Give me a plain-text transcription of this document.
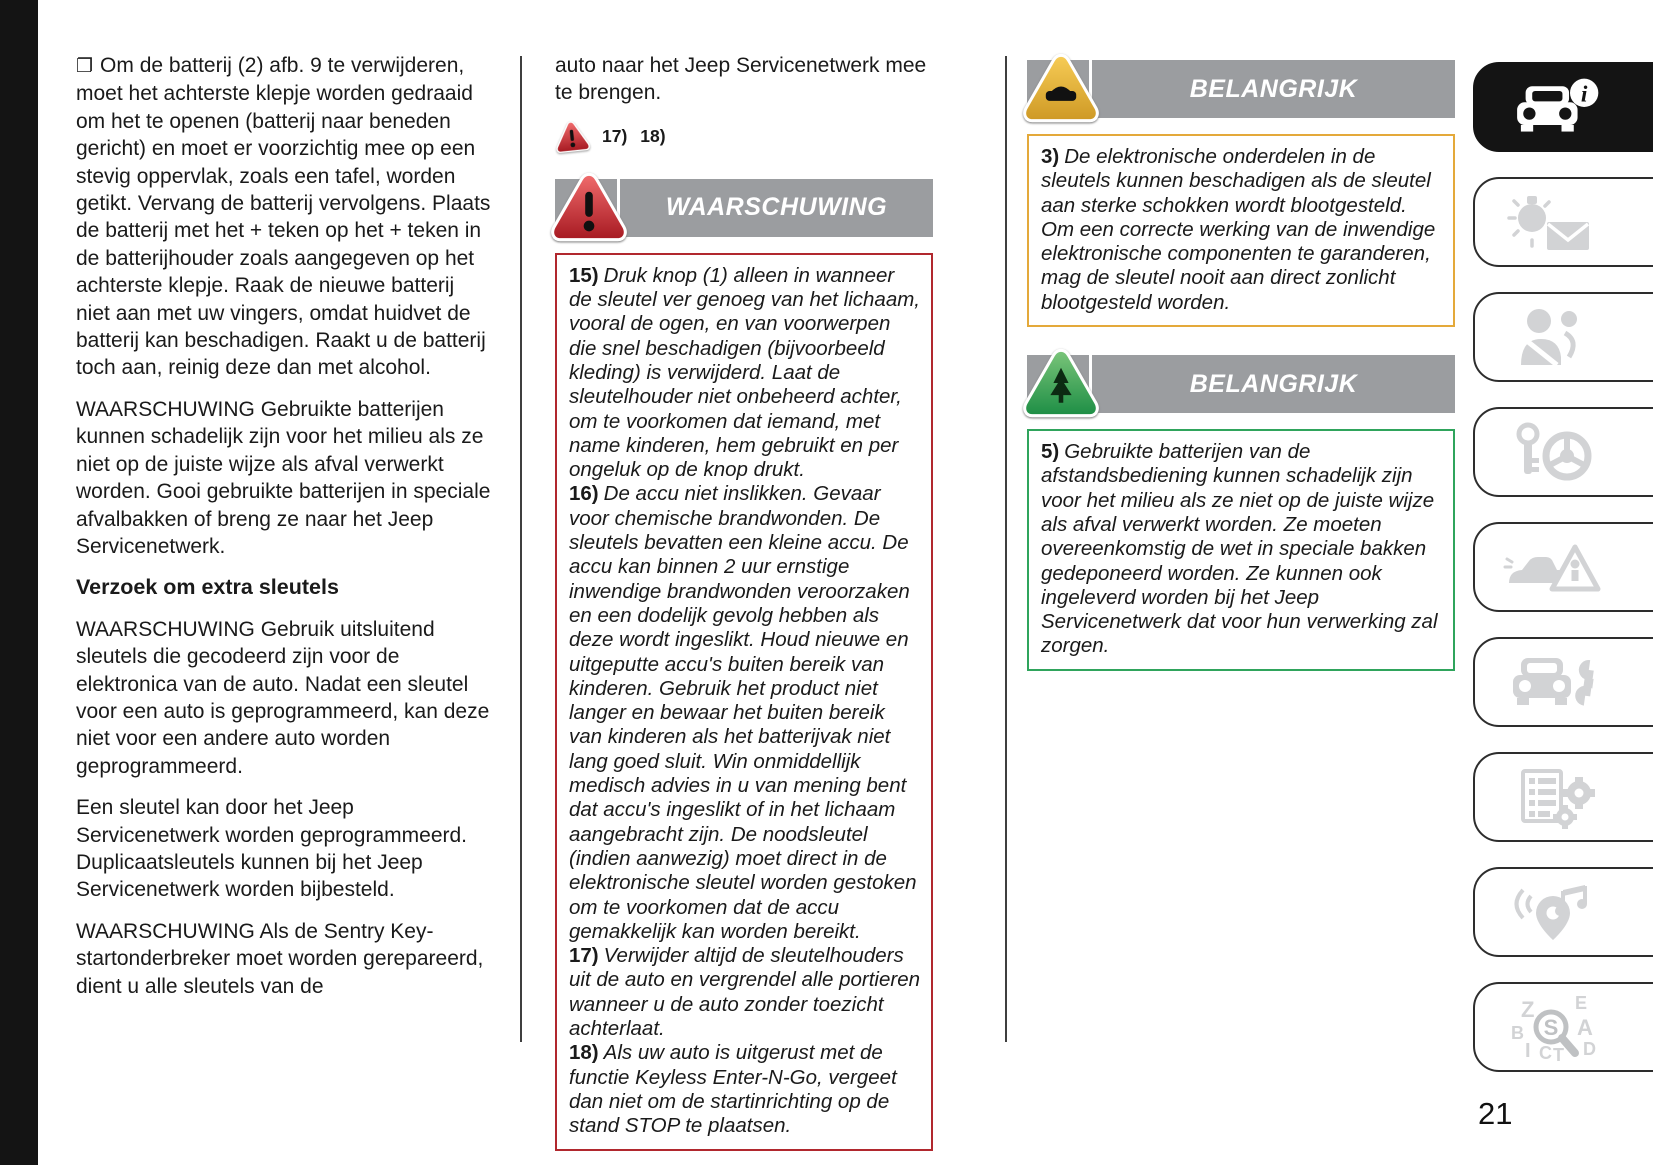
❐ Om de batterij (2) afb. 9 te verwijderen, moet het achterste klepje worden gedraaid om het te openen (batterij naar beneden gericht) en moet er voorzichtig mee op een stevig oppervlak, zoals een tafel, worden getikt. Vervang de batterij vervolgens. Plaats de batterij met het + teken op het + teken in de batterijhouder zoals aangegeven op het achterste klepje. Raak de nieuwe batterij niet aan met uw vingers, omdat huidvet de batterij kan beschadigen. Raakt u de batterij toch aan, reinig deze dan met alcohol.

WAARSCHUWING Gebruikte batterijen kunnen schadelijk zijn voor het milieu als ze niet op de juiste wijze als afval verwerkt worden. Gooi gebruikte batterijen in speciale afvalbakken of breng ze naar het Jeep Servicenetwerk.

Verzoek om extra sleutels

WAARSCHUWING Gebruik uitsluitend sleutels die gecodeerd zijn voor de elektronica van de auto. Nadat een sleutel voor een auto is geprogrammeerd, kan deze niet voor een andere auto worden geprogrammeerd.

Een sleutel kan door het Jeep Servicenetwerk worden geprogrammeerd. Duplicaatsleutels kunnen bij het Jeep Servicenetwerk worden bijbesteld.

WAARSCHUWING Als de Sentry Key-startonderbreker moet worden gerepareerd, dient u alle sleutels van de

auto naar het Jeep Servicenetwerk mee te brengen.

17) 18)
WAARSCHUWING

15) Druk knop (1) alleen in wanneer de sleutel ver genoeg van het lichaam, vooral de ogen, en van voorwerpen die snel beschadigen (bijvoorbeeld kleding) is verwijderd. Laat de sleutelhouder niet onbeheerd achter, om te voorkomen dat iemand, met name kinderen, hem gebruikt en per ongeluk op de knop drukt.

16) De accu niet inslikken. Gevaar voor chemische brandwonden. De sleutels bevatten een kleine accu. De accu kan binnen 2 uur ernstige inwendige brandwonden veroorzaken en een dodelijk gevolg hebben als deze wordt ingeslikt. Houd nieuwe en uitgeputte accu's buiten bereik van kinderen. Gebruik het product niet langer en bewaar het buiten bereik van kinderen als het batterijvak niet lang goed sluit. Win onmiddellijk medisch advies in u van mening bent dat accu's ingeslikt of in het lichaam aangebracht zijn. De noodsleutel (indien aanwezig) moet direct in de elektronische sleutel worden gestoken om te voorkomen dat de accu gemakkelijk kan worden bereikt.

17) Verwijder altijd de sleutelhouders uit de auto en vergrendel alle portieren wanneer u de auto zonder toezicht achterlaat.

18) Als uw auto is uitgerust met de functie Keyless Enter-N-Go, vergeet dan niet om de startinrichting op de stand STOP te plaatsen.

BELANGRIJK

3) De elektronische onderdelen in de sleutels kunnen beschadigen als de sleutel aan sterke schokken wordt blootgesteld. Om een correcte werking van de inwendige elektronische componenten te garanderen, mag de sleutel nooit aan direct zonlicht blootgesteld worden.

BELANGRIJK

5) Gebruikte batterijen van de afstandsbediening kunnen schadelijk zijn voor het milieu als ze niet op de juiste wijze als afval verwerkt worden. Ze moeten overeenkomstig de wet in speciale bakken gedeponeerd worden. Ze kunnen ook ingeleverd worden bij het Jeep Servicenetwerk dat voor hun verwerking zal zorgen.

i
Z E
B A
I C T D
S
21
